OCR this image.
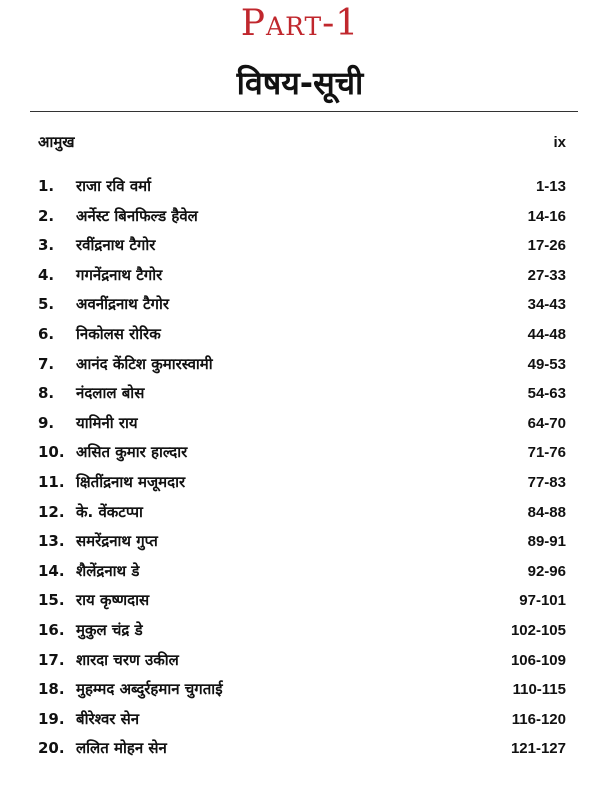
Part-1
विषय-सूची
आमुख	ix
1.	राजा रवि वर्मा	1-13
2.	अर्नेस्ट बिनफिल्ड हैवेल	14-16
3.	रवींद्रनाथ टैगोर	17-26
4.	गगनेंद्रनाथ टैगोर	27-33
5.	अवनींद्रनाथ टैगोर	34-43
6.	निकोलस रोरिक	44-48
7.	आनंद केंटिश कुमारस्वामी	49-53
8.	नंदलाल बोस	54-63
9.	यामिनी राय	64-70
10. असित कुमार हाल्दार	71-76
11. क्षितींद्रनाथ मजूमदार	77-83
12. के. वेंकटप्पा	84-88
13. समरेंद्रनाथ गुप्त	89-91
14. शैलेंद्रनाथ डे	92-96
15. राय कृष्णदास	97-101
16. मुकुल चंद्र डे	102-105
17. शारदा चरण उकील	106-109
18. मुहम्मद अब्दुर्रहमान चुगताई	110-115
19. बीरेश्वर सेन	116-120
20. ललित मोहन सेन	121-127
